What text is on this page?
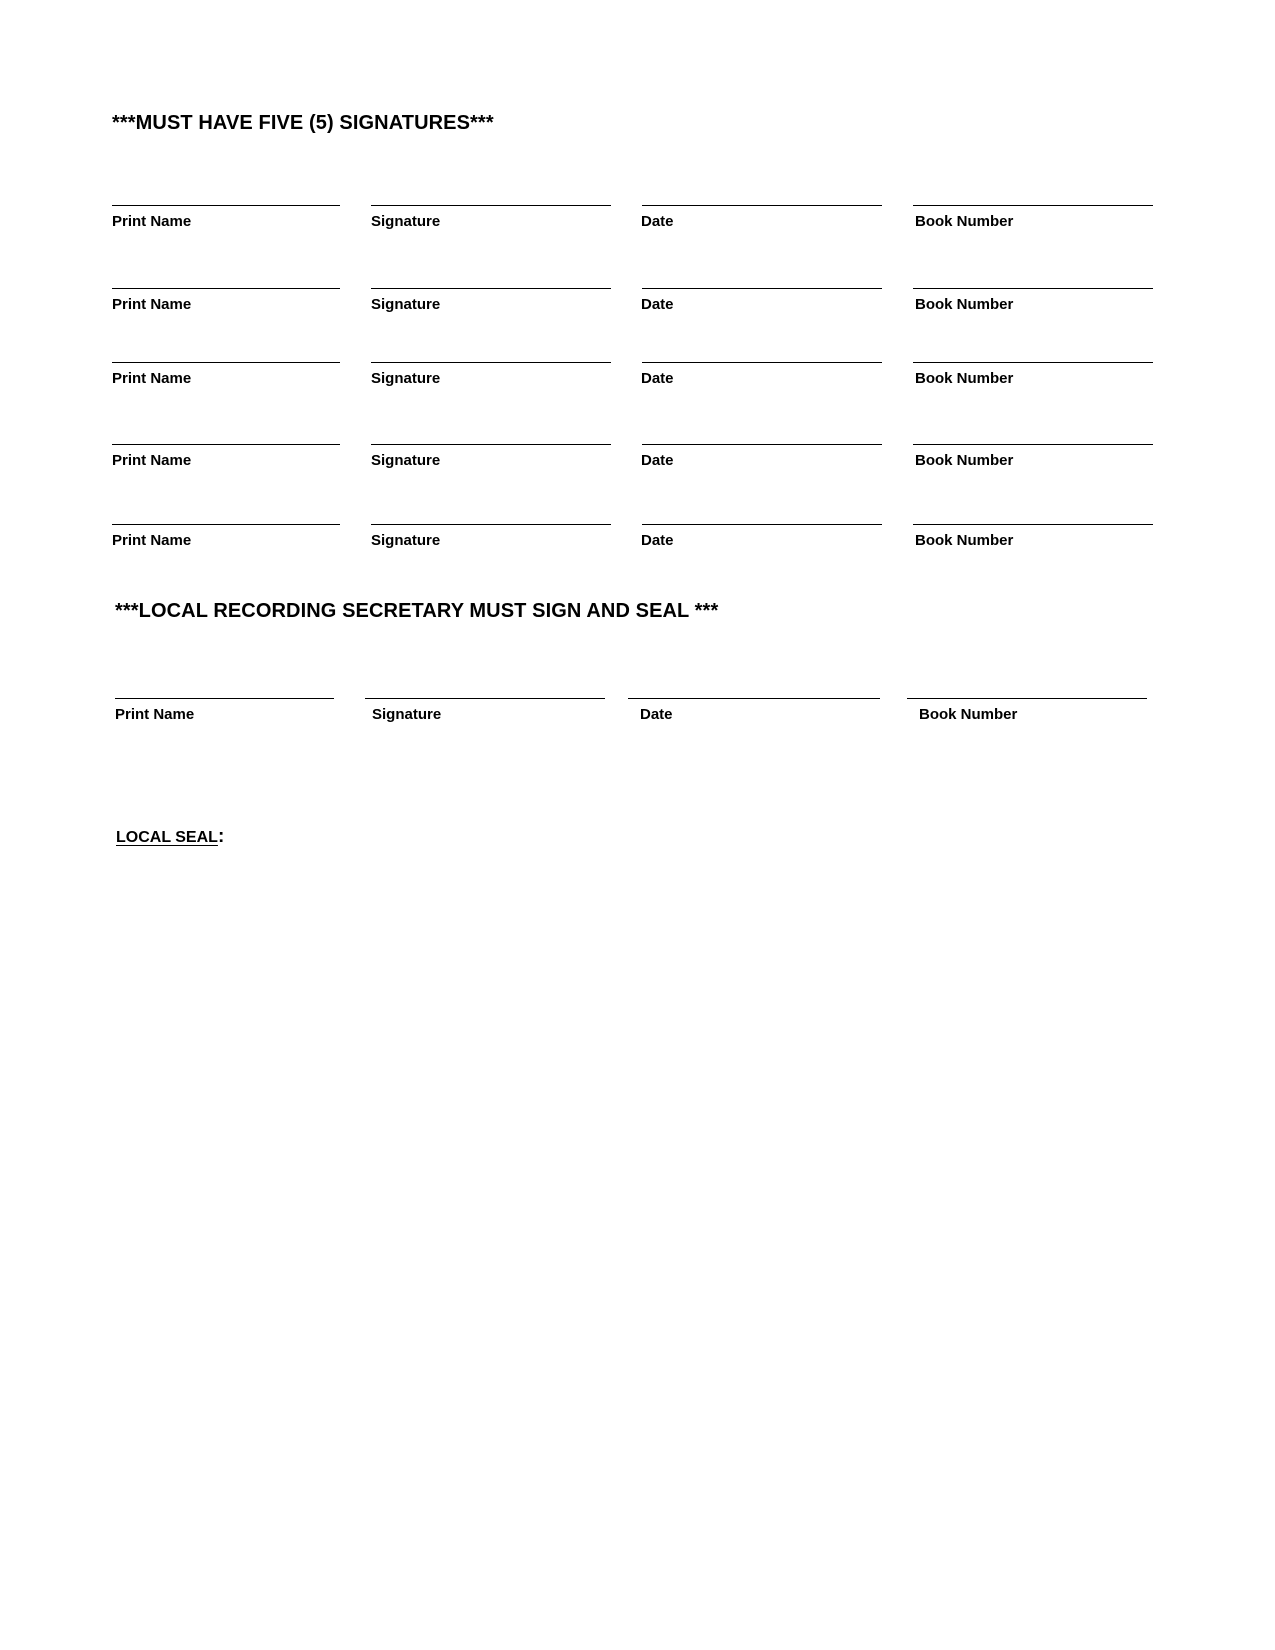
***MUST HAVE FIVE (5) SIGNATURES***
Print Name	Signature	Date	Book Number
Print Name	Signature	Date	Book Number
Print Name	Signature	Date	Book Number
Print Name	Signature	Date	Book Number
Print Name	Signature	Date	Book Number
***LOCAL RECORDING SECRETARY MUST SIGN AND SEAL ***
Print Name	Signature	Date	Book Number
LOCAL SEAL:
